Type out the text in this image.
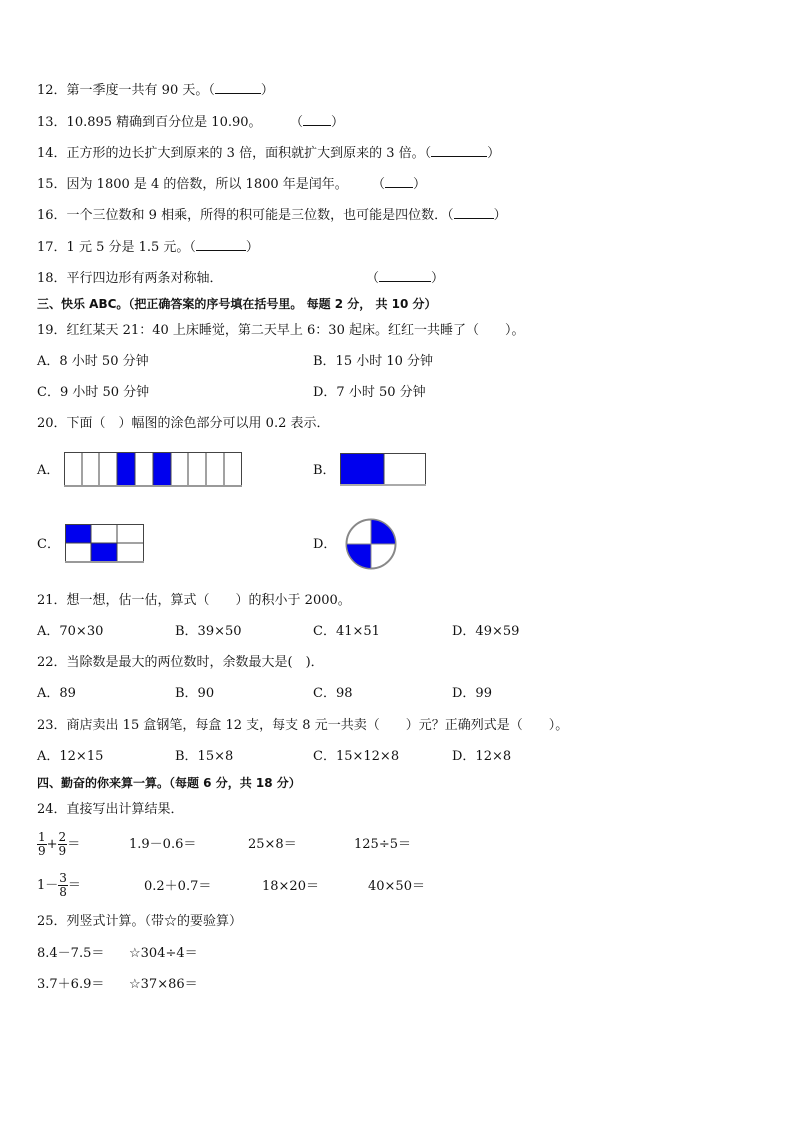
12．第一季度一共有 90 天。（	）
13．10.895 精确到百分位是 10.90。 （ ）
14．正方形的边长扩大到原来的 3 倍，面积就扩大到原来的 3 倍。（	）
15．因为 1800 是 4 的倍数，所以 1800 年是闰年。 （ ）
16．一个三位数和 9 相乘，所得的积可能是三位数，也可能是四位数．（	）
17．1 元 5 分是 1.5 元。（	）
18．平行四边形有两条对称轴．	（	）
三、快乐 ABC。（把正确答案的序号填在括号里。 每题 2 分， 共 10 分）
19．红红某天 21：40 上床睡觉，第二天早上 6：30 起床。红红一共睡了（　　）。
A．8 小时 50 分钟	B．15 小时 10 分钟
C．9 小时 50 分钟	D．7 小时 50 分钟
20．下面（　）幅图的涂色部分可以用 0.2 表示．
A．	B．
C．	D．
21．想一想，估一估，算式（　　）的积小于 2000。
A．70×30	B．39×50	C．41×51	D．49×59
22．当除数是最大的两位数时，余数最大是(　)．
A．89	B．90	C．98	D．99
23．商店卖出 15 盒钢笔，每盒 12 支，每支 8 元一共卖（　　）元？正确列式是（　　）。
A．12×15	B．15×8	C．15×12×8	D．12×8
四、勤奋的你来算一算。（每题 6 分，共 18 分）
24．直接写出计算结果．
$\frac{1}{9} + \frac{2}{9}$ ＝	1.9－0.6＝	25×8＝	125÷5＝
$1- \frac{3}{8}$ ＝	0.2＋0.7＝	18×20＝	40×50＝
25．列竖式计算。（带☆的要验算）
8.4－7.5＝ ☆304÷4＝
3.7＋6.9＝ ☆37×86＝
